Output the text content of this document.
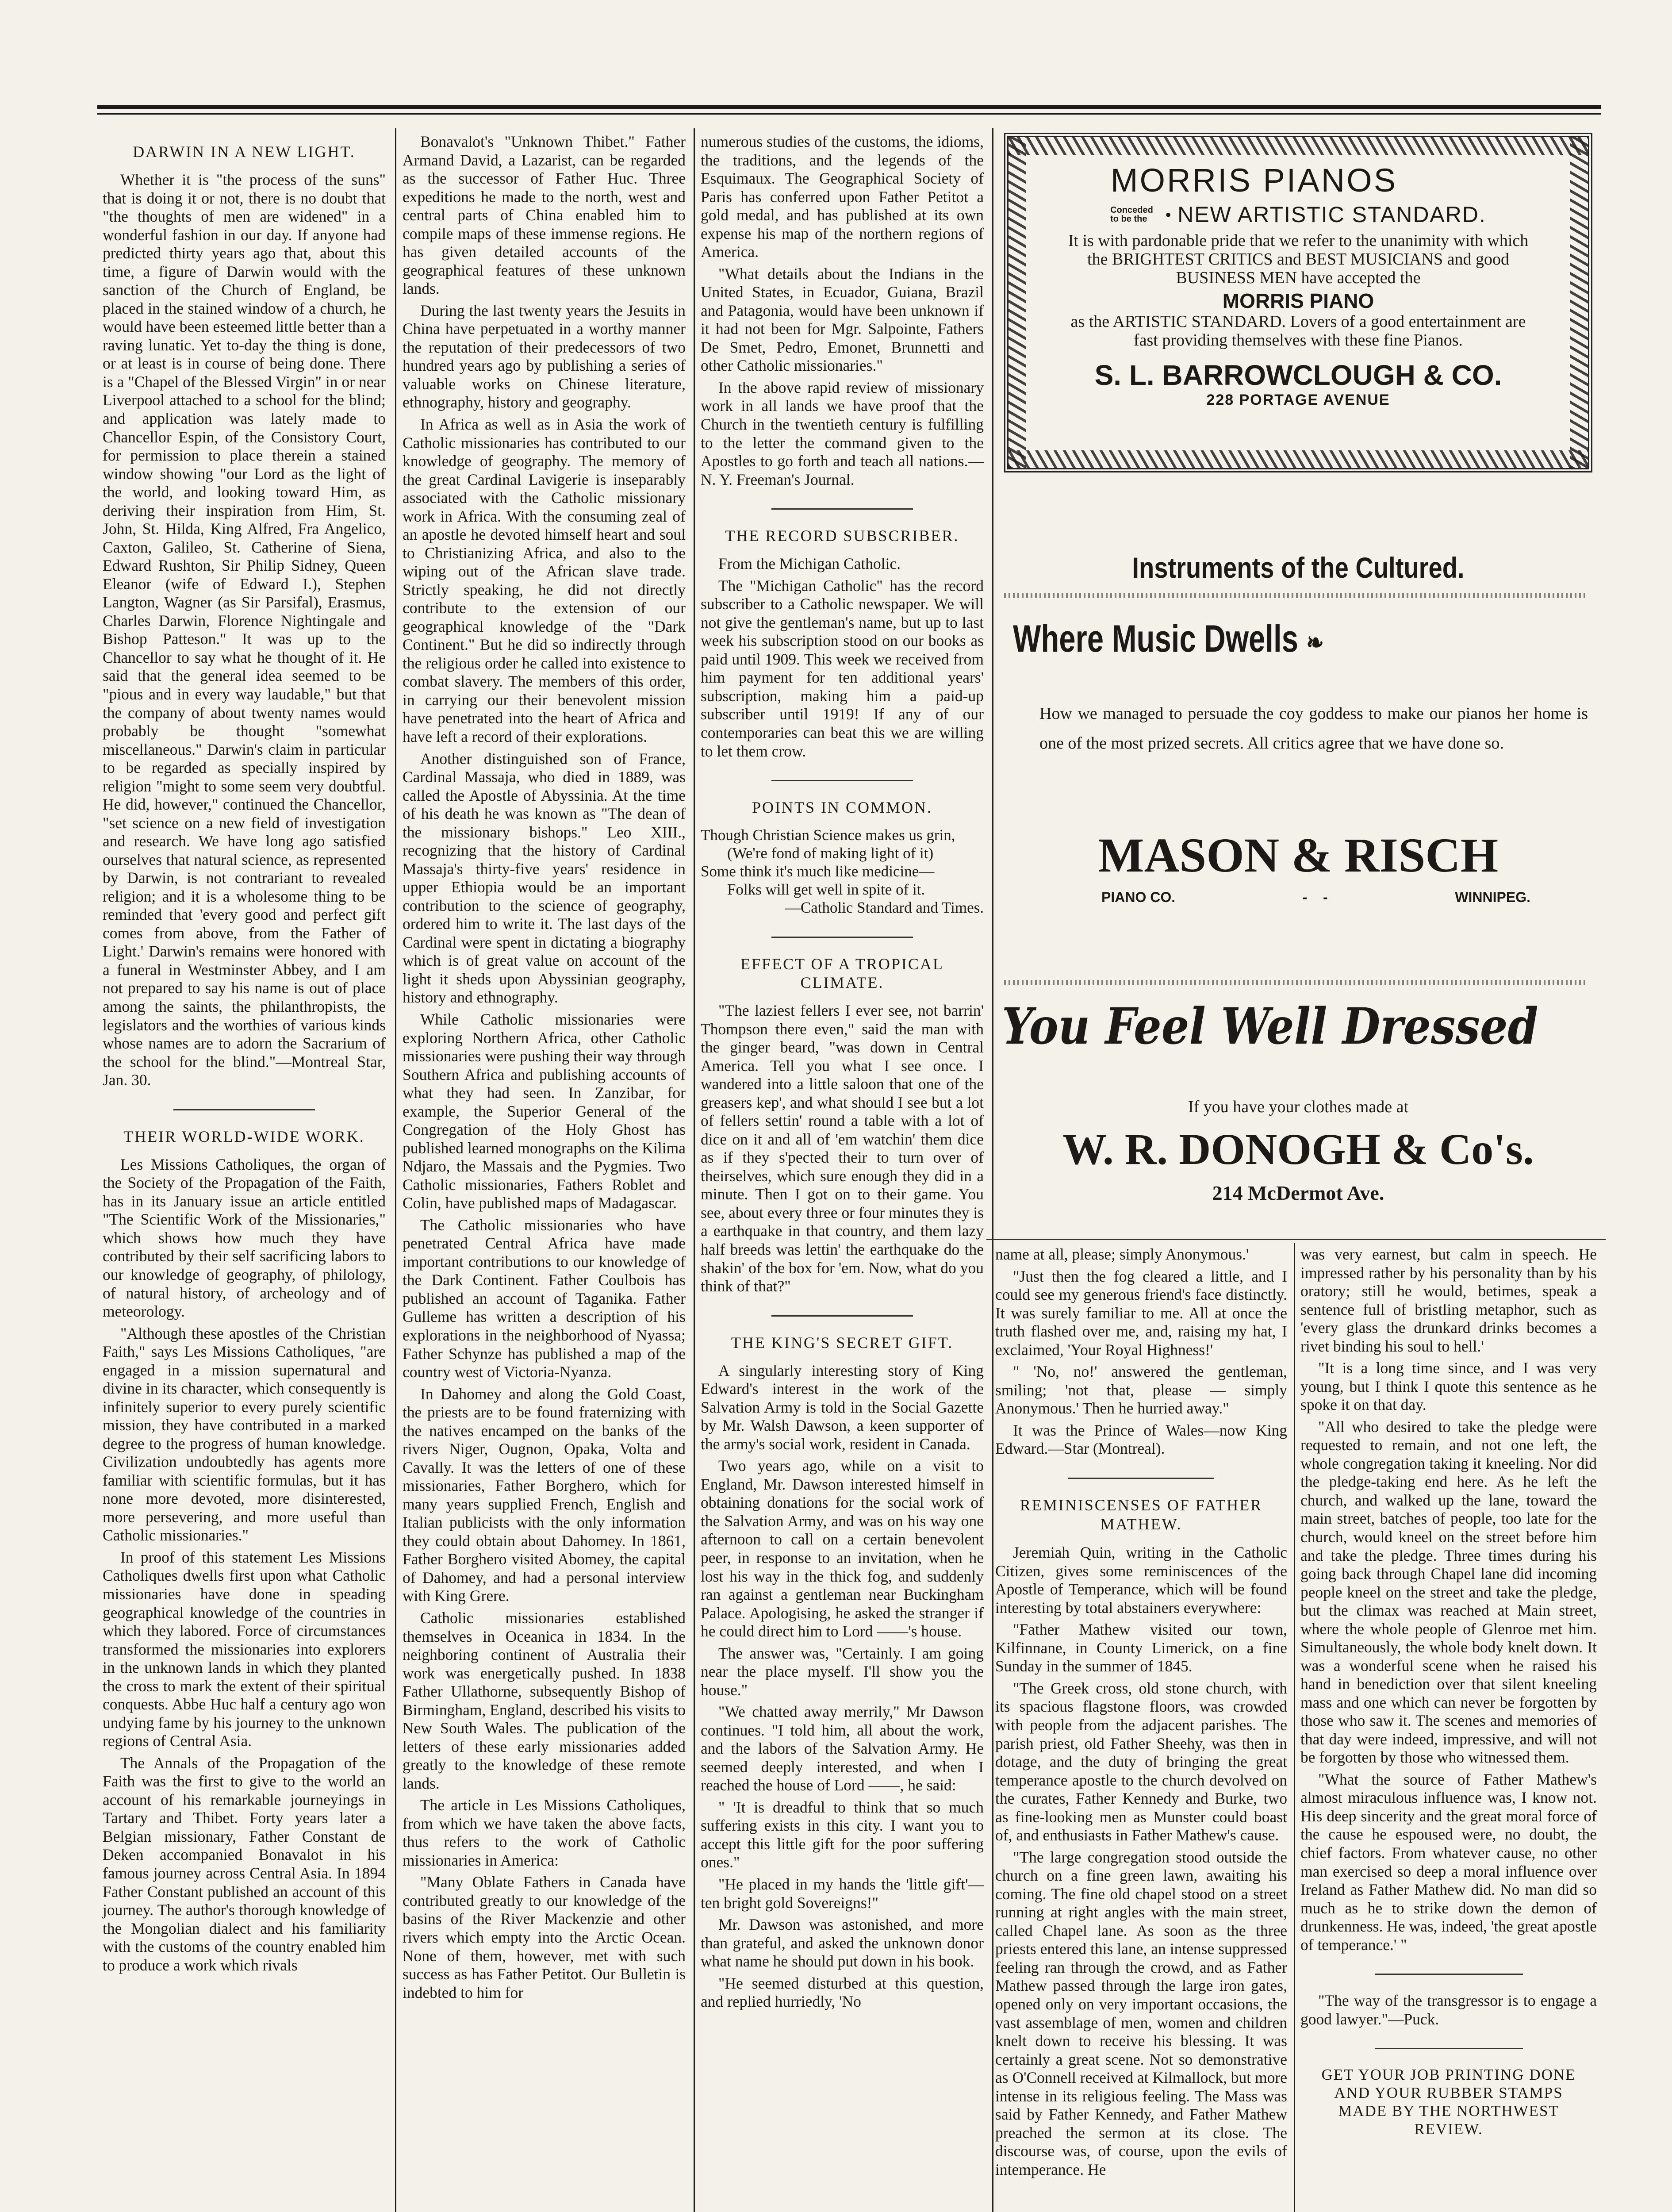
DARWIN IN A NEW LIGHT.

Whether it is "the process of the suns" that is doing it or not, there is no doubt that "the thoughts of men are widened" in a wonderful fashion in our day. If anyone had predicted thirty years ago that, about this time, a figure of Darwin would with the sanction of the Church of England, be placed in the stained window of a church, he would have been esteemed little better than a raving lunatic. Yet to-day the thing is done, or at least is in course of being done. There is a "Chapel of the Blessed Virgin" in or near Liverpool attached to a school for the blind; and application was lately made to Chancellor Espin, of the Consistory Court, for permission to place therein a stained window showing "our Lord as the light of the world, and looking toward Him, as deriving their inspiration from Him, St. John, St. Hilda, King Alfred, Fra Angelico, Caxton, Galileo, St. Catherine of Siena, Edward Rushton, Sir Philip Sidney, Queen Eleanor (wife of Edward I.), Stephen Langton, Wagner (as Sir Parsifal), Erasmus, Charles Darwin, Florence Nightingale and Bishop Patteson." It was up to the Chancellor to say what he thought of it. He said that the general idea seemed to be "pious and in every way laudable," but that the company of about twenty names would probably be thought "somewhat miscellaneous." Darwin's claim in particular to be regarded as specially inspired by religion "might to some seem very doubtful. He did, however," continued the Chancellor, "set science on a new field of investigation and research. We have long ago satisfied ourselves that natural science, as represented by Darwin, is not contrariant to revealed religion; and it is a wholesome thing to be reminded that 'every good and perfect gift comes from above, from the Father of Light.' Darwin's remains were honored with a funeral in Westminster Abbey, and I am not prepared to say his name is out of place among the saints, the philanthropists, the legislators and the worthies of various kinds whose names are to adorn the Sacrarium of the school for the blind."—Montreal Star, Jan. 30.

THEIR WORLD-WIDE WORK.

Les Missions Catholiques, the organ of the Society of the Propagation of the Faith, has in its January issue an article entitled "The Scientific Work of the Missionaries," which shows how much they have contributed by their self sacrificing labors to our knowledge of geography, of philology, of natural history, of archeology and of meteorology.

"Although these apostles of the Christian Faith," says Les Missions Catholiques, "are engaged in a mission supernatural and divine in its character, which consequently is infinitely superior to every purely scientific mission, they have contributed in a marked degree to the progress of human knowledge. Civilization undoubtedly has agents more familiar with scientific formulas, but it has none more devoted, more disinterested, more persevering, and more useful than Catholic missionaries."

In proof of this statement Les Missions Catholiques dwells first upon what Catholic missionaries have done in speading geographical knowledge of the countries in which they labored. Force of circumstances transformed the missionaries into explorers in the unknown lands in which they planted the cross to mark the extent of their spiritual conquests. Abbe Huc half a century ago won undying fame by his journey to the unknown regions of Central Asia.

The Annals of the Propagation of the Faith was the first to give to the world an account of his remarkable journeyings in Tartary and Thibet. Forty years later a Belgian missionary, Father Constant de Deken accompanied Bonavalot in his famous journey across Central Asia. In 1894 Father Constant published an account of this journey. The author's thorough knowledge of the Mongolian dialect and his familiarity with the customs of the country enabled him to produce a work which rivals

Bonavalot's "Unknown Thibet." Father Armand David, a Lazarist, can be regarded as the successor of Father Huc. Three expeditions he made to the north, west and central parts of China enabled him to compile maps of these immense regions. He has given detailed accounts of the geographical features of these unknown lands.

During the last twenty years the Jesuits in China have perpetuated in a worthy manner the reputation of their predecessors of two hundred years ago by publishing a series of valuable works on Chinese literature, ethnography, history and geography.

In Africa as well as in Asia the work of Catholic missionaries has contributed to our knowledge of geography. The memory of the great Cardinal Lavigerie is inseparably associated with the Catholic missionary work in Africa. With the consuming zeal of an apostle he devoted himself heart and soul to Christianizing Africa, and also to the wiping out of the African slave trade. Strictly speaking, he did not directly contribute to the extension of our geographical knowledge of the "Dark Continent." But he did so indirectly through the religious order he called into existence to combat slavery. The members of this order, in carrying our their benevolent mission have penetrated into the heart of Africa and have left a record of their explorations.

Another distinguished son of France, Cardinal Massaja, who died in 1889, was called the Apostle of Abyssinia. At the time of his death he was known as "The dean of the missionary bishops." Leo XIII., recognizing that the history of Cardinal Massaja's thirty-five years' residence in upper Ethiopia would be an important contribution to the science of geography, ordered him to write it. The last days of the Cardinal were spent in dictating a biography which is of great value on account of the light it sheds upon Abyssinian geography, history and ethnography.

While Catholic missionaries were exploring Northern Africa, other Catholic missionaries were pushing their way through Southern Africa and publishing accounts of what they had seen. In Zanzibar, for example, the Superior General of the Congregation of the Holy Ghost has published learned monographs on the Kilima Ndjaro, the Massais and the Pygmies. Two Catholic missionaries, Fathers Roblet and Colin, have published maps of Madagascar.

The Catholic missionaries who have penetrated Central Africa have made important contributions to our knowledge of the Dark Continent. Father Coulbois has published an account of Taganika. Father Gulleme has written a description of his explorations in the neighborhood of Nyassa; Father Schynze has published a map of the country west of Victoria-Nyanza.

In Dahomey and along the Gold Coast, the priests are to be found fraternizing with the natives encamped on the banks of the rivers Niger, Ougnon, Opaka, Volta and Cavally. It was the letters of one of these missionaries, Father Borghero, which for many years supplied French, English and Italian publicists with the only information they could obtain about Dahomey. In 1861, Father Borghero visited Abomey, the capital of Dahomey, and had a personal interview with King Grere.

Catholic missionaries established themselves in Oceanica in 1834. In the neighboring continent of Australia their work was energetically pushed. In 1838 Father Ullathorne, subsequently Bishop of Birmingham, England, described his visits to New South Wales. The publication of the letters of these early missionaries added greatly to the knowledge of these remote lands.

The article in Les Missions Catholiques, from which we have taken the above facts, thus refers to the work of Catholic missionaries in America:

"Many Oblate Fathers in Canada have contributed greatly to our knowledge of the basins of the River Mackenzie and other rivers which empty into the Arctic Ocean. None of them, however, met with such success as has Father Petitot. Our Bulletin is indebted to him for

numerous studies of the customs, the idioms, the traditions, and the legends of the Esquimaux. The Geographical Society of Paris has conferred upon Father Petitot a gold medal, and has published at its own expense his map of the northern regions of America.

"What details about the Indians in the United States, in Ecuador, Guiana, Brazil and Patagonia, would have been unknown if it had not been for Mgr. Salpointe, Fathers De Smet, Pedro, Emonet, Brunnetti and other Catholic missionaries."

In the above rapid review of missionary work in all lands we have proof that the Church in the twentieth century is fulfilling to the letter the command given to the Apostles to go forth and teach all nations.—N. Y. Freeman's Journal.

THE RECORD SUBSCRIBER.

From the Michigan Catholic.

The "Michigan Catholic" has the record subscriber to a Catholic newspaper. We will not give the gentleman's name, but up to last week his subscription stood on our books as paid until 1909. This week we received from him payment for ten additional years' subscription, making him a paid-up subscriber until 1919! If any of our contemporaries can beat this we are willing to let them crow.

POINTS IN COMMON.
Though Christian Science makes us grin,
(We're fond of making light of it)
Some think it's much like medicine—
Folks will get well in spite of it.
—Catholic Standard and Times.
EFFECT OF A TROPICAL CLIMATE.

"The laziest fellers I ever see, not barrin' Thompson there even," said the man with the ginger beard, "was down in Central America. Tell you what I see once. I wandered into a little saloon that one of the greasers kep', and what should I see but a lot of fellers settin' round a table with a lot of dice on it and all of 'em watchin' them dice as if they s'pected their to turn over of theirselves, which sure enough they did in a minute. Then I got on to their game. You see, about every three or four minutes they is a earthquake in that country, and them lazy half breeds was lettin' the earthquake do the shakin' of the box for 'em. Now, what do you think of that?"

THE KING'S SECRET GIFT.

A singularly interesting story of King Edward's interest in the work of the Salvation Army is told in the Social Gazette by Mr. Walsh Dawson, a keen supporter of the army's social work, resident in Canada.

Two years ago, while on a visit to England, Mr. Dawson interested himself in obtaining donations for the social work of the Salvation Army, and was on his way one afternoon to call on a certain benevolent peer, in response to an invitation, when he lost his way in the thick fog, and suddenly ran against a gentleman near Buckingham Palace. Apologising, he asked the stranger if he could direct him to Lord ——'s house.

The answer was, "Certainly. I am going near the place myself. I'll show you the house."

"We chatted away merrily," Mr Dawson continues. "I told him, all about the work, and the labors of the Salvation Army. He seemed deeply interested, and when I reached the house of Lord ——, he said:

" 'It is dreadful to think that so much suffering exists in this city. I want you to accept this little gift for the poor suffering ones."

"He placed in my hands the 'little gift'—ten bright gold Sovereigns!"

Mr. Dawson was astonished, and more than grateful, and asked the unknown donor what name he should put down in his book.

"He seemed disturbed at this question, and replied hurriedly, 'No

MORRIS PIANOS
Conceded to be the	• NEW ARTISTIC STANDARD.
It is with pardonable pride that we refer to the unanimity with which the BRIGHTEST CRITICS and BEST MUSICIANS and good BUSINESS MEN have accepted the
MORRIS PIANO
as the ARTISTIC STANDARD. Lovers of a good entertainment are fast providing themselves with these fine Pianos.
S. L. BARROWCLOUGH & CO.
228 PORTAGE AVENUE
Instruments of the Cultured.
Where Music Dwells ❧
How we managed to persuade the coy goddess to make our pianos her home is one of the most prized secrets. All critics agree that we have done so.
MASON & RISCH
PIANO CO.	-    -	WINNIPEG.
You Feel Well Dressed
If you have your clothes made at
W. R. DONOGH & Co's.
214 McDermot Ave.

name at all, please; simply Anonymous.'

"Just then the fog cleared a little, and I could see my generous friend's face distinctly. It was surely familiar to me. All at once the truth flashed over me, and, raising my hat, I exclaimed, 'Your Royal Highness!'

" 'No, no!' answered the gentleman, smiling; 'not that, please — simply Anonymous.' Then he hurried away."

It was the Prince of Wales—now King Edward.—Star (Montreal).

REMINISCENSES OF FATHER MATHEW.

Jeremiah Quin, writing in the Catholic Citizen, gives some reminiscences of the Apostle of Temperance, which will be found interesting by total abstainers everywhere:

"Father Mathew visited our town, Kilfinnane, in County Limerick, on a fine Sunday in the summer of 1845.

"The Greek cross, old stone church, with its spacious flagstone floors, was crowded with people from the adjacent parishes. The parish priest, old Father Sheehy, was then in dotage, and the duty of bringing the great temperance apostle to the church devolved on the curates, Father Kennedy and Burke, two as fine-looking men as Munster could boast of, and enthusiasts in Father Mathew's cause.

"The large congregation stood outside the church on a fine green lawn, awaiting his coming. The fine old chapel stood on a street running at right angles with the main street, called Chapel lane. As soon as the three priests entered this lane, an intense suppressed feeling ran through the crowd, and as Father Mathew passed through the large iron gates, opened only on very important occasions, the vast assemblage of men, women and children knelt down to receive his blessing. It was certainly a great scene. Not so demonstrative as O'Connell received at Kilmallock, but more intense in its religious feeling. The Mass was said by Father Kennedy, and Father Mathew preached the sermon at its close. The discourse was, of course, upon the evils of intemperance. He

was very earnest, but calm in speech. He impressed rather by his personality than by his oratory; still he would, betimes, speak a sentence full of bristling metaphor, such as 'every glass the drunkard drinks becomes a rivet binding his soul to hell.'

"It is a long time since, and I was very young, but I think I quote this sentence as he spoke it on that day.

"All who desired to take the pledge were requested to remain, and not one left, the whole congregation taking it kneeling. Nor did the pledge-taking end here. As he left the church, and walked up the lane, toward the main street, batches of people, too late for the church, would kneel on the street before him and take the pledge. Three times during his going back through Chapel lane did incoming people kneel on the street and take the pledge, but the climax was reached at Main street, where the whole people of Glenroe met him. Simultaneously, the whole body knelt down. It was a wonderful scene when he raised his hand in benediction over that silent kneeling mass and one which can never be forgotten by those who saw it. The scenes and memories of that day were indeed, impressive, and will not be forgotten by those who witnessed them.

"What the source of Father Mathew's almost miraculous influence was, I know not. His deep sincerity and the great moral force of the cause he espoused were, no doubt, the chief factors. From whatever cause, no other man exercised so deep a moral influence over Ireland as Father Mathew did. No man did so much as he to strike down the demon of drunkenness. He was, indeed, 'the great apostle of temperance.' "

"The way of the transgressor is to engage a good lawyer."—Puck.

GET YOUR JOB PRINTING DONE AND YOUR RUBBER STAMPS MADE BY THE NORTHWEST REVIEW.
